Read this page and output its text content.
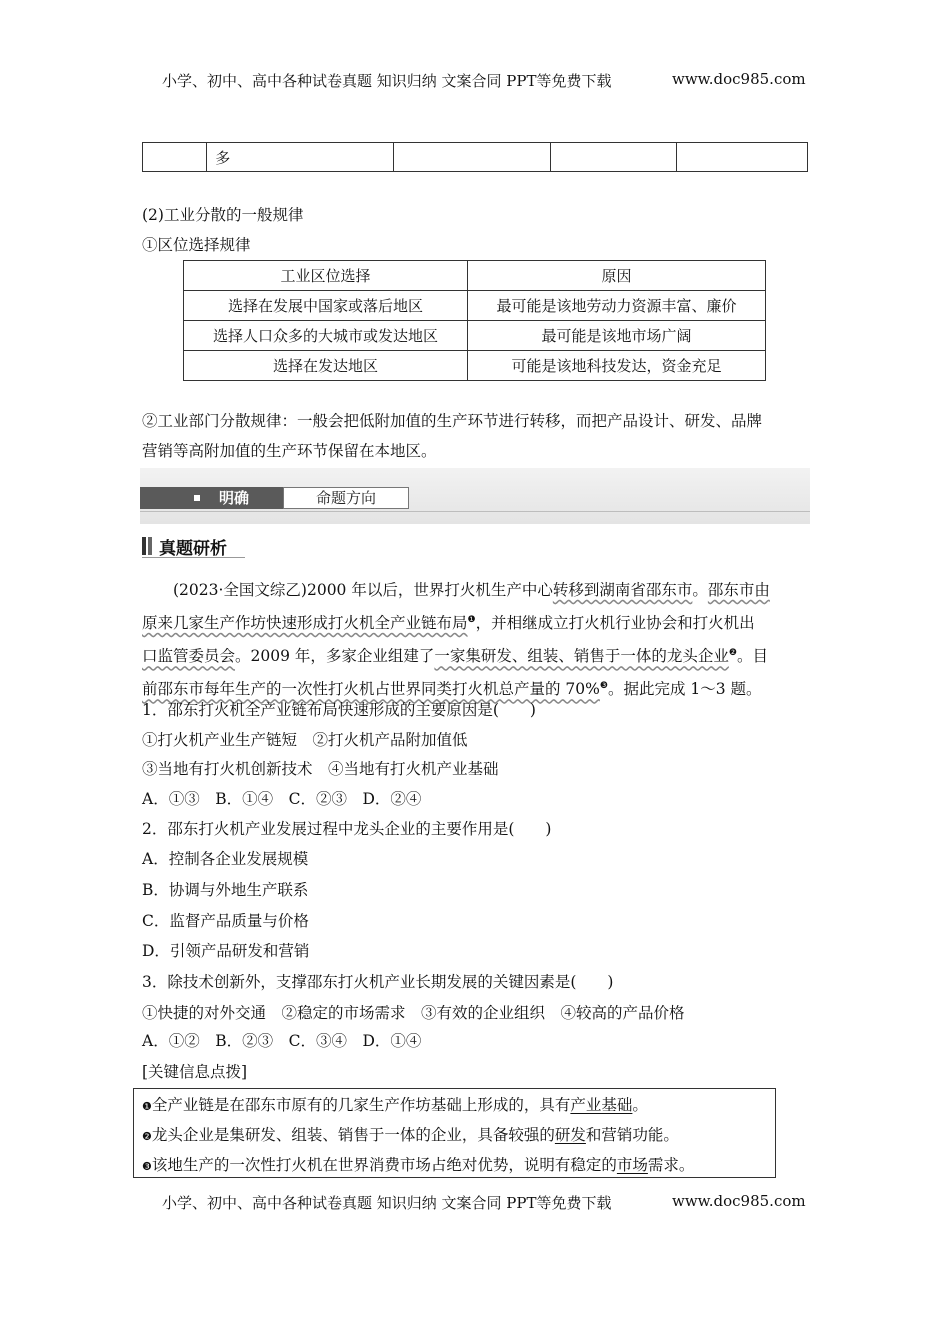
小学、初中、高中各种试卷真题 知识归纳 文案合同 PPT等免费下载	www.doc985.com
	多			
(2)工业分散的一般规律
①区位选择规律
工业区位选择	原因
选择在发展中国家或落后地区	最可能是该地劳动力资源丰富、廉价
选择人口众多的大城市或发达地区	最可能是该地市场广阔
选择在发达地区	可能是该地科技发达，资金充足
②工业部门分散规律：一般会把低附加值的生产环节进行转移，而把产品设计、研发、品牌
营销等高附加值的生产环节保留在本地区。
明确	命题方向
真题研析
(2023·全国文综乙)2000 年以后，世界打火机生产中心转移到湖南省邵东市。邵东市由
原来几家生产作坊快速形成打火机全产业链布局$^❶$，并相继成立打火机行业协会和打火机出
口监管委员会。2009 年，多家企业组建了一家集研发、组装、销售于一体的龙头企业$^❷$。目
前邵东市每年生产的一次性打火机占世界同类打火机总产量的 70%$^❸$。据此完成 1～3 题。
1．邵东打火机全产业链布局快速形成的主要原因是(　　)
①打火机产业生产链短　②打火机产品附加值低
③当地有打火机创新技术　④当地有打火机产业基础
A．①③　B．①④　C．②③　D．②④
2．邵东打火机产业发展过程中龙头企业的主要作用是(　　)
A．控制各企业发展规模
B．协调与外地生产联系
C．监督产品质量与价格
D．引领产品研发和营销
3．除技术创新外，支撑邵东打火机产业长期发展的关键因素是(　　)
①快捷的对外交通　②稳定的市场需求　③有效的企业组织　④较高的产品价格
A．①②　B．②③　C．③④　D．①④
[关键信息点拨]
❶全产业链是在邵东市原有的几家生产作坊基础上形成的，具有产业基础。
❷龙头企业是集研发、组装、销售于一体的企业，具备较强的研发和营销功能。
❸该地生产的一次性打火机在世界消费市场占绝对优势，说明有稳定的市场需求。
小学、初中、高中各种试卷真题 知识归纳 文案合同 PPT等免费下载	www.doc985.com
